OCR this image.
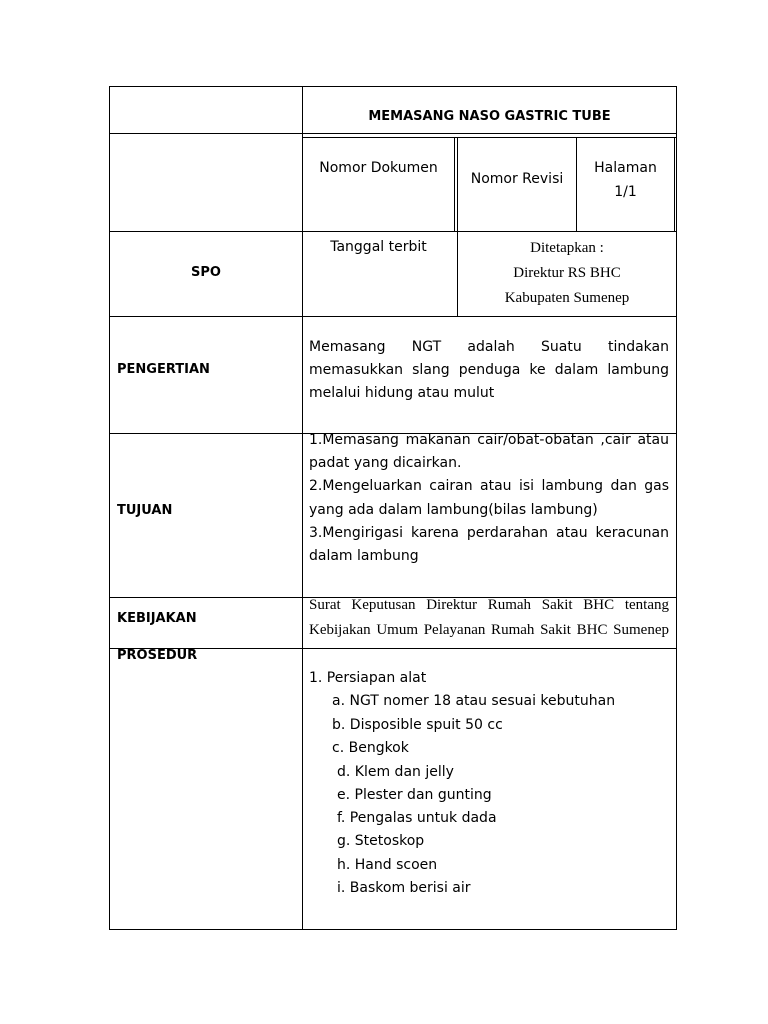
MEMASANG NASO GASTRIC TUBE
Nomor Dokumen
Nomor Revisi
Halaman
1/1
SPO
Tanggal terbit	Ditetapkan :
Direktur RS BHC
Kabupaten Sumenep
PENGERTIAN
Memasang NGT adalah Suatu tindakan
memasukkan slang penduga ke dalam lambung
melalui hidung atau mulut
TUJUAN
1.Memasang makanan cair/obat-obatan ,cair atau
padat yang dicairkan.
2.Mengeluarkan cairan atau isi lambung dan gas
yang ada dalam lambung(bilas lambung)
3.Mengirigasi karena perdarahan atau keracunan
dalam lambung
KEBIJAKAN
Surat Keputusan Direktur Rumah Sakit BHC tentang
Kebijakan Umum Pelayanan Rumah Sakit BHC Sumenep
PROSEDUR
1. Persiapan alat
a. NGT nomer 18 atau sesuai kebutuhan
b. Disposible spuit 50 cc
c. Bengkok
d. Klem dan jelly
e. Plester dan gunting
f. Pengalas untuk dada
g. Stetoskop
h. Hand scoen
i. Baskom berisi air
